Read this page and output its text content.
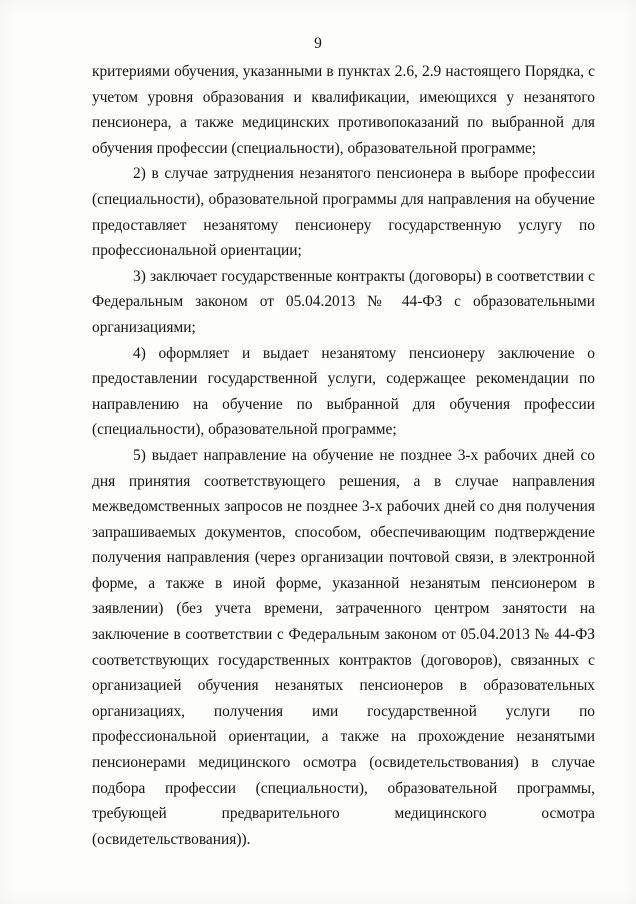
9

критериями обучения, указанными в пунктах 2.6, 2.9 настоящего Порядка, с учетом уровня образования и квалификации, имеющихся у незанятого пенсионера, а также медицинских противопоказаний по выбранной для обучения профессии (специальности), образовательной программе;

2) в случае затруднения незанятого пенсионера в выборе профессии (специальности), образовательной программы для направления на обучение предоставляет незанятому пенсионеру государственную услугу по профессиональной ориентации;

3) заключает государственные контракты (договоры) в соответствии с Федеральным законом от 05.04.2013 № 44-ФЗ с образовательными организациями;

4) оформляет и выдает незанятому пенсионеру заключение о предоставлении государственной услуги, содержащее рекомендации по направлению на обучение по выбранной для обучения профессии (специальности), образовательной программе;

5) выдает направление на обучение не позднее 3-х рабочих дней со дня принятия соответствующего решения, а в случае направления межведомственных запросов не позднее 3-х рабочих дней со дня получения запрашиваемых документов, способом, обеспечивающим подтверждение получения направления (через организации почтовой связи, в электронной форме, а также в иной форме, указанной незанятым пенсионером в заявлении) (без учета времени, затраченного центром занятости на заключение в соответствии с Федеральным законом от 05.04.2013 № 44-ФЗ соответствующих государственных контрактов (договоров), связанных с организацией обучения незанятых пенсионеров в образовательных организациях, получения ими государственной услуги по профессиональной ориентации, а также на прохождение незанятыми пенсионерами медицинского осмотра (освидетельствования) в случае подбора профессии (специальности), образовательной программы, требующей предварительного медицинского осмотра (освидетельствования)).
